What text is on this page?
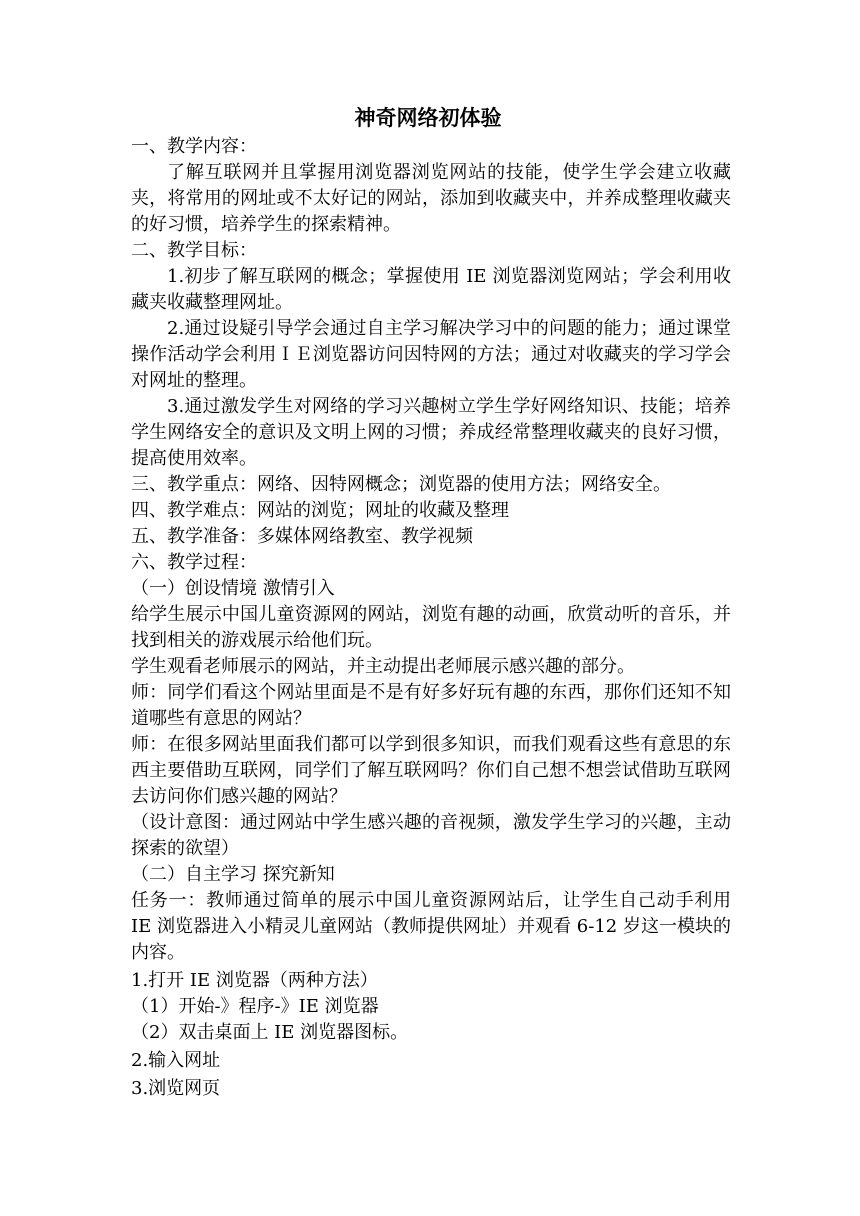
神奇网络初体验

一、教学内容：

了解互联网并且掌握用浏览器浏览网站的技能，使学生学会建立收藏夹，将常用的网址或不太好记的网站，添加到收藏夹中，并养成整理收藏夹的好习惯，培养学生的探索精神。

二、教学目标：

1.初步了解互联网的概念；掌握使用 IE 浏览器浏览网站；学会利用收藏夹收藏整理网址。

2.通过设疑引导学会通过自主学习解决学习中的问题的能力；通过课堂操作活动学会利用ＩＥ浏览器访问因特网的方法；通过对收藏夹的学习学会对网址的整理。

3.通过激发学生对网络的学习兴趣树立学生学好网络知识、技能；培养学生网络安全的意识及文明上网的习惯；养成经常整理收藏夹的良好习惯，提高使用效率。

三、教学重点：网络、因特网概念；浏览器的使用方法；网络安全。

四、教学难点：网站的浏览；网址的收藏及整理

五、教学准备：多媒体网络教室、教学视频

六、教学过程：

（一）创设情境 激情引入

给学生展示中国儿童资源网的网站，浏览有趣的动画，欣赏动听的音乐，并找到相关的游戏展示给他们玩。

学生观看老师展示的网站，并主动提出老师展示感兴趣的部分。

师：同学们看这个网站里面是不是有好多好玩有趣的东西，那你们还知不知道哪些有意思的网站？

师：在很多网站里面我们都可以学到很多知识，而我们观看这些有意思的东西主要借助互联网，同学们了解互联网吗？你们自己想不想尝试借助互联网去访问你们感兴趣的网站？

（设计意图：通过网站中学生感兴趣的音视频，激发学生学习的兴趣，主动探索的欲望）

（二）自主学习 探究新知

任务一：教师通过简单的展示中国儿童资源网站后，让学生自己动手利用 IE 浏览器进入小精灵儿童网站（教师提供网址）并观看 6-12 岁这一模块的内容。

1.打开 IE 浏览器（两种方法）

（1）开始-》程序-》IE 浏览器

（2）双击桌面上 IE 浏览器图标。

2.输入网址

3.浏览网页
